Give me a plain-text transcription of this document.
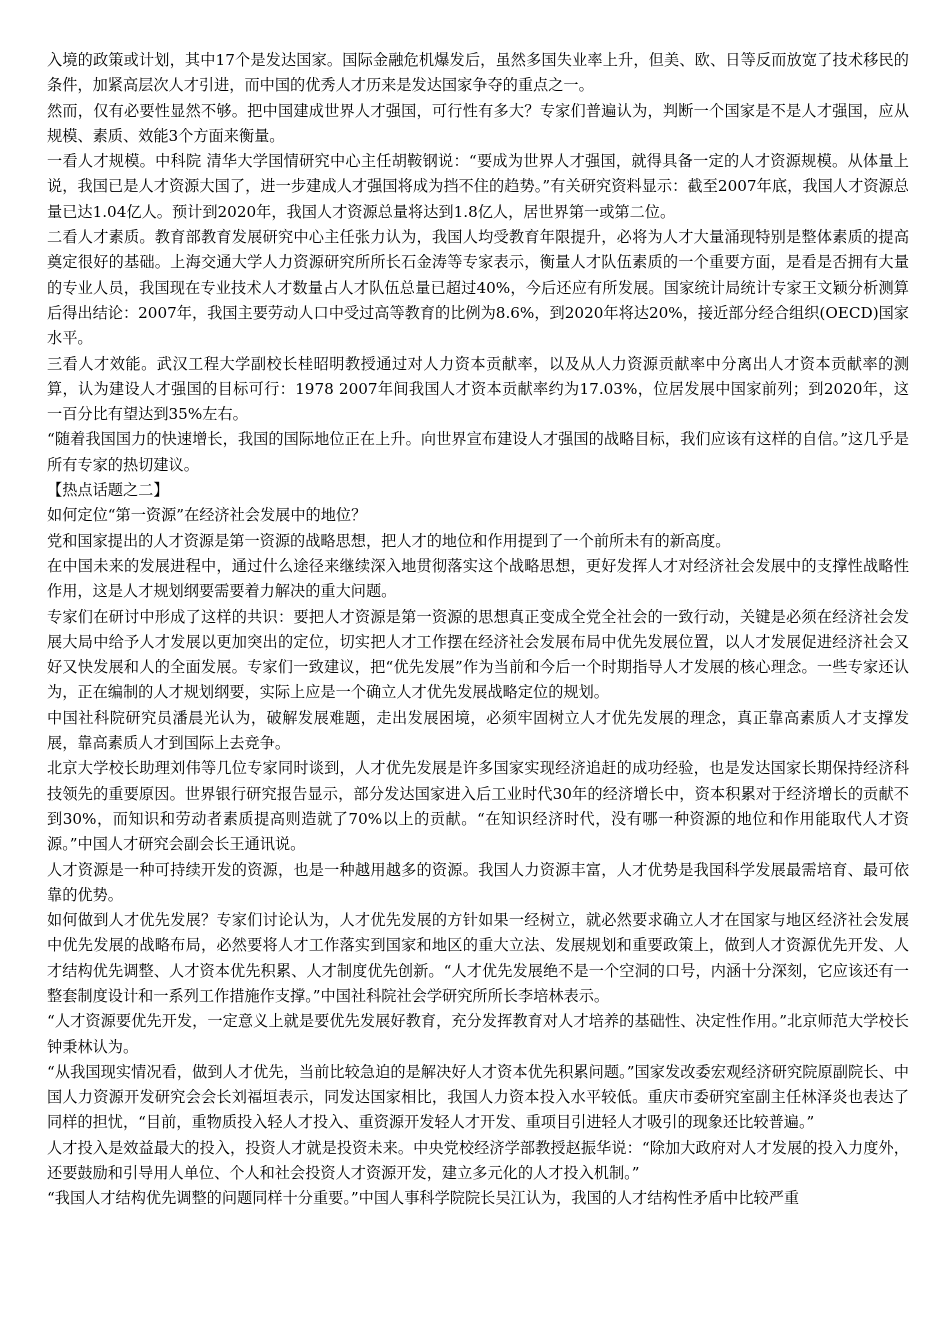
入境的政策或计划，其中17个是发达国家。国际金融危机爆发后，虽然多国失业率上升，但美、欧、日等反而放宽了技术移民的条件，加紧高层次人才引进，而中国的优秀人才历来是发达国家争夺的重点之一。

然而，仅有必要性显然不够。把中国建成世界人才强国，可行性有多大？专家们普遍认为，判断一个国家是不是人才强国，应从规模、素质、效能3个方面来衡量。

一看人才规模。中科院 清华大学国情研究中心主任胡鞍钢说：“要成为世界人才强国，就得具备一定的人才资源规模。从体量上说，我国已是人才资源大国了，进一步建成人才强国将成为挡不住的趋势。”有关研究资料显示：截至2007年底，我国人才资源总量已达1.04亿人。预计到2020年，我国人才资源总量将达到1.8亿人，居世界第一或第二位。

二看人才素质。教育部教育发展研究中心主任张力认为，我国人均受教育年限提升，必将为人才大量涌现特别是整体素质的提高奠定很好的基础。上海交通大学人力资源研究所所长石金涛等专家表示，衡量人才队伍素质的一个重要方面，是看是否拥有大量的专业人员，我国现在专业技术人才数量占人才队伍总量已超过40%，今后还应有所发展。国家统计局统计专家王文颖分析测算后得出结论：2007年，我国主要劳动人口中受过高等教育的比例为8.6%，到2020年将达20%，接近部分经合组织(OECD)国家水平。

三看人才效能。武汉工程大学副校长桂昭明教授通过对人力资本贡献率，以及从人力资源贡献率中分离出人才资本贡献率的测算，认为建设人才强国的目标可行：1978 2007年间我国人才资本贡献率约为17.03%，位居发展中国家前列；到2020年，这一百分比有望达到35%左右。

“随着我国国力的快速增长，我国的国际地位正在上升。向世界宣布建设人才强国的战略目标，我们应该有这样的自信。”这几乎是所有专家的热切建议。

【热点话题之二】

如何定位“第一资源”在经济社会发展中的地位？

党和国家提出的人才资源是第一资源的战略思想，把人才的地位和作用提到了一个前所未有的新高度。

在中国未来的发展进程中，通过什么途径来继续深入地贯彻落实这个战略思想，更好发挥人才对经济社会发展中的支撑性战略性作用，这是人才规划纲要需要着力解决的重大问题。

专家们在研讨中形成了这样的共识：要把人才资源是第一资源的思想真正变成全党全社会的一致行动，关键是必须在经济社会发展大局中给予人才发展以更加突出的定位，切实把人才工作摆在经济社会发展布局中优先发展位置，以人才发展促进经济社会又好又快发展和人的全面发展。专家们一致建议，把“优先发展”作为当前和今后一个时期指导人才发展的核心理念。一些专家还认为，正在编制的人才规划纲要，实际上应是一个确立人才优先发展战略定位的规划。

中国社科院研究员潘晨光认为，破解发展难题，走出发展困境，必须牢固树立人才优先发展的理念，真正靠高素质人才支撑发展，靠高素质人才到国际上去竞争。

北京大学校长助理刘伟等几位专家同时谈到，人才优先发展是许多国家实现经济追赶的成功经验，也是发达国家长期保持经济科技领先的重要原因。世界银行研究报告显示，部分发达国家进入后工业时代30年的经济增长中，资本积累对于经济增长的贡献不到30%，而知识和劳动者素质提高则造就了70%以上的贡献。“在知识经济时代，没有哪一种资源的地位和作用能取代人才资源。”中国人才研究会副会长王通讯说。

人才资源是一种可持续开发的资源，也是一种越用越多的资源。我国人力资源丰富，人才优势是我国科学发展最需培育、最可依靠的优势。

如何做到人才优先发展？专家们讨论认为，人才优先发展的方针如果一经树立，就必然要求确立人才在国家与地区经济社会发展中优先发展的战略布局，必然要将人才工作落实到国家和地区的重大立法、发展规划和重要政策上，做到人才资源优先开发、人才结构优先调整、人才资本优先积累、人才制度优先创新。“人才优先发展绝不是一个空洞的口号，内涵十分深刻，它应该还有一整套制度设计和一系列工作措施作支撑。”中国社科院社会学研究所所长李培林表示。

“人才资源要优先开发，一定意义上就是要优先发展好教育，充分发挥教育对人才培养的基础性、决定性作用。”北京师范大学校长钟秉林认为。

“从我国现实情况看，做到人才优先，当前比较急迫的是解决好人才资本优先积累问题。”国家发改委宏观经济研究院原副院长、中国人力资源开发研究会会长刘福垣表示，同发达国家相比，我国人力资本投入水平较低。重庆市委研究室副主任林泽炎也表达了同样的担忧，“目前，重物质投入轻人才投入、重资源开发轻人才开发、重项目引进轻人才吸引的现象还比较普遍。”

人才投入是效益最大的投入，投资人才就是投资未来。中央党校经济学部教授赵振华说：“除加大政府对人才发展的投入力度外，还要鼓励和引导用人单位、个人和社会投资人才资源开发，建立多元化的人才投入机制。”

“我国人才结构优先调整的问题同样十分重要。”中国人事科学院院长吴江认为，我国的人才结构性矛盾中比较严重
